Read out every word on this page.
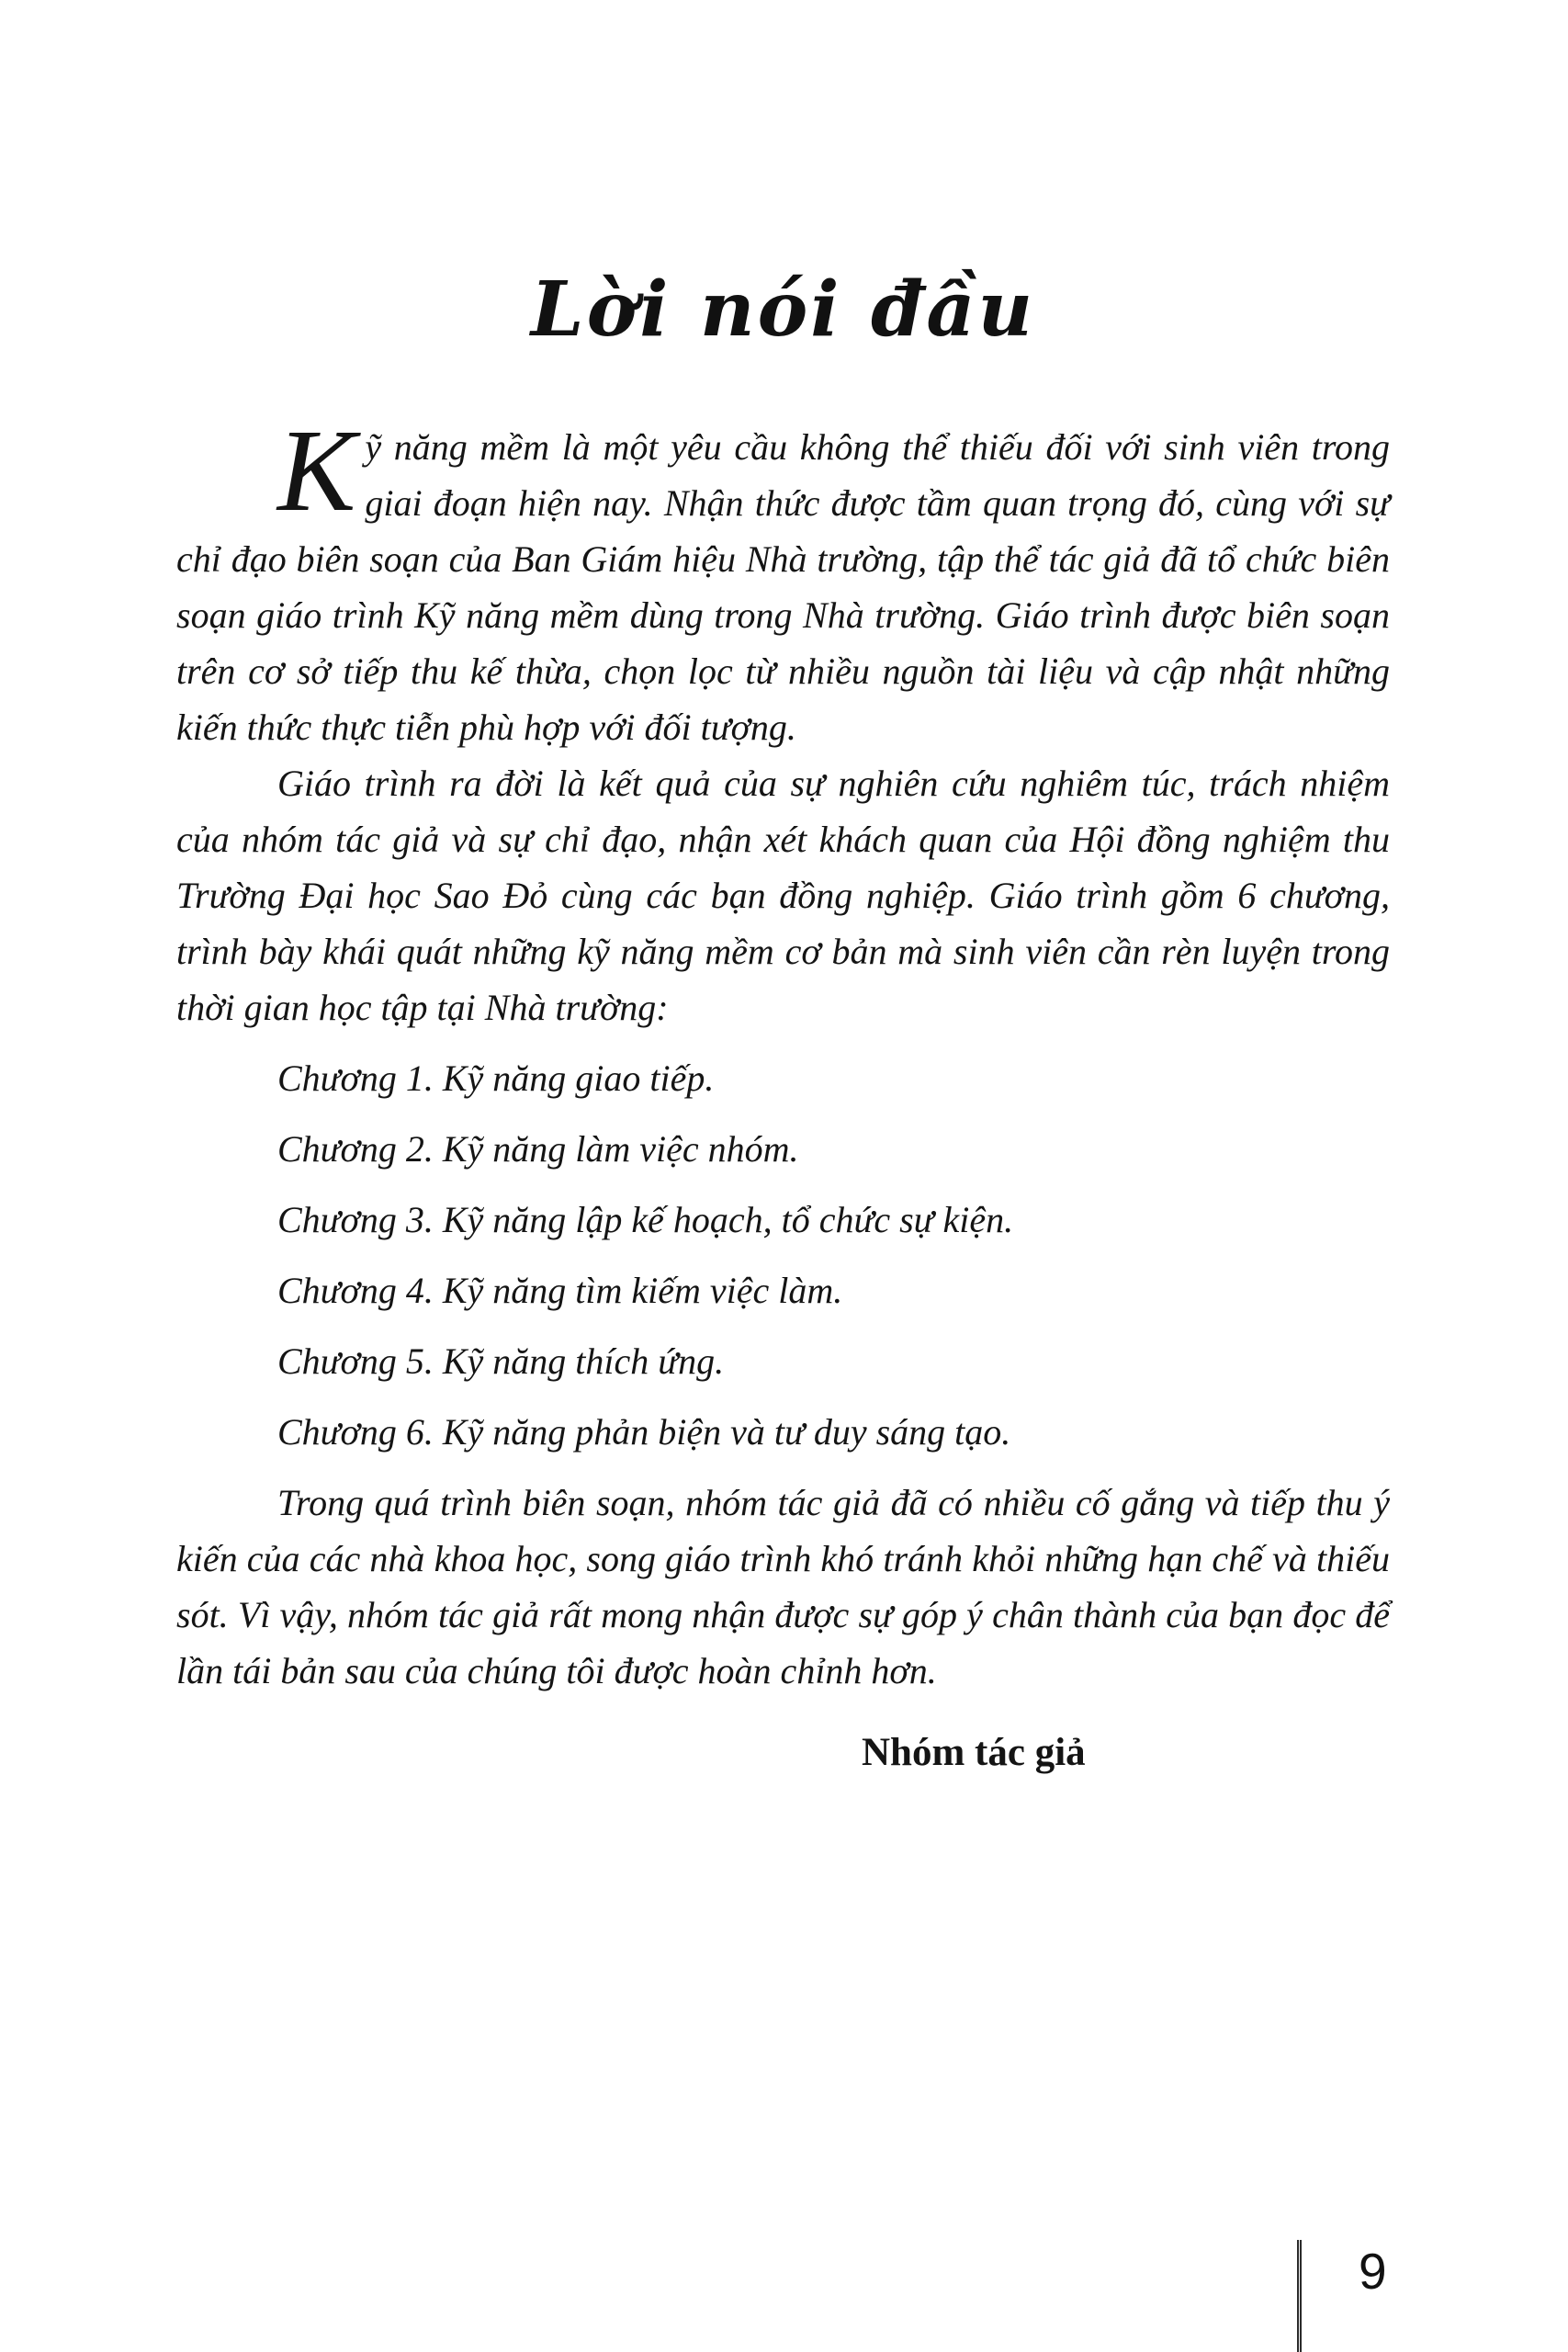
Lời nói đầu

Kỹ năng mềm là một yêu cầu không thể thiếu đối với sinh viên trong giai đoạn hiện nay. Nhận thức được tầm quan trọng đó, cùng với sự chỉ đạo biên soạn của Ban Giám hiệu Nhà trường, tập thể tác giả đã tổ chức biên soạn giáo trình Kỹ năng mềm dùng trong Nhà trường. Giáo trình được biên soạn trên cơ sở tiếp thu kế thừa, chọn lọc từ nhiều nguồn tài liệu và cập nhật những kiến thức thực tiễn phù hợp với đối tượng.

Giáo trình ra đời là kết quả của sự nghiên cứu nghiêm túc, trách nhiệm của nhóm tác giả và sự chỉ đạo, nhận xét khách quan của Hội đồng nghiệm thu Trường Đại học Sao Đỏ cùng các bạn đồng nghiệp. Giáo trình gồm 6 chương, trình bày khái quát những kỹ năng mềm cơ bản mà sinh viên cần rèn luyện trong thời gian học tập tại Nhà trường:

Chương 1. Kỹ năng giao tiếp.

Chương 2. Kỹ năng làm việc nhóm.

Chương 3. Kỹ năng lập kế hoạch, tổ chức sự kiện.

Chương 4. Kỹ năng tìm kiếm việc làm.

Chương 5. Kỹ năng thích ứng.

Chương 6. Kỹ năng phản biện và tư duy sáng tạo.

Trong quá trình biên soạn, nhóm tác giả đã có nhiều cố gắng và tiếp thu ý kiến của các nhà khoa học, song giáo trình khó tránh khỏi những hạn chế và thiếu sót. Vì vậy, nhóm tác giả rất mong nhận được sự góp ý chân thành của bạn đọc để lần tái bản sau của chúng tôi được hoàn chỉnh hơn.

Nhóm tác giả

9
